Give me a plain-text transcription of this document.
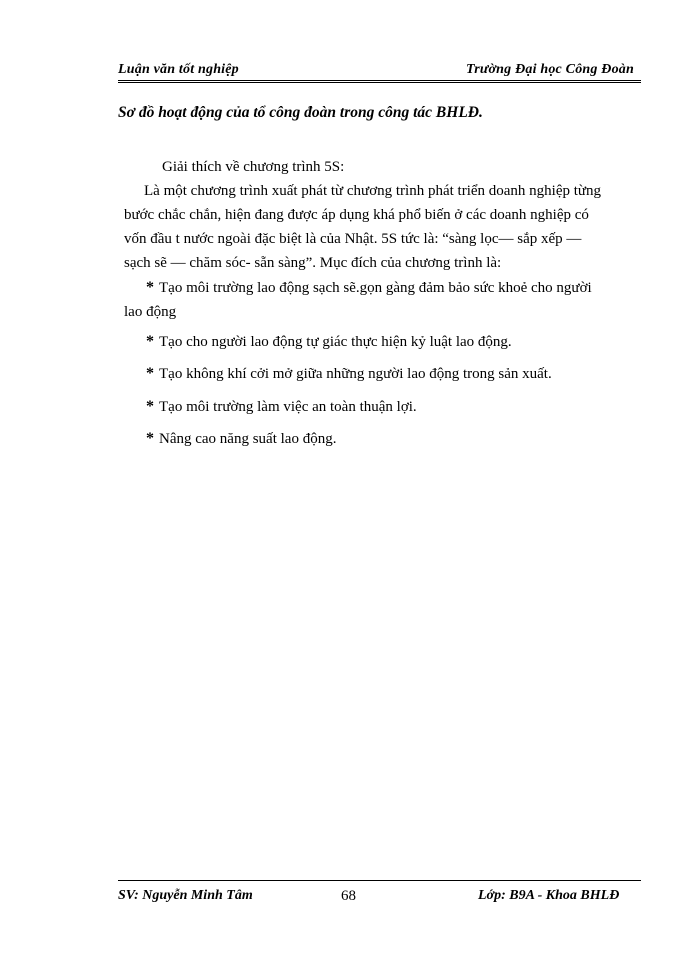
Luận văn tốt nghiệp	Trường Đại học Công Đoàn
Sơ đồ hoạt động của tổ công đoàn trong công tác BHLĐ.
Giải thích về chương trình 5S:
Là một chương trình xuất phát từ chương trình phát triển doanh nghiệp từng
bước chắc chắn, hiện đang được áp dụng khá phổ biến ở các doanh nghiệp có
vốn đầu t nước ngoài đặc biệt là của Nhật. 5S tức là: “sàng lọc— sắp xếp —
sạch sẽ — chăm sóc- sẵn sàng”. Mục đích của chương trình là:
* Tạo môi trường lao động sạch sẽ.gọn gàng đảm bảo sức khoẻ cho người
lao động
* Tạo cho người lao động tự giác thực hiện kỷ luật lao động.
* Tạo không khí cởi mở giữa những người lao động trong sản xuất.
* Tạo môi trường làm việc an toàn thuận lợi.
* Nâng cao năng suất lao động.
SV: Nguyễn Minh Tâm	68	Lớp: B9A - Khoa BHLĐ
